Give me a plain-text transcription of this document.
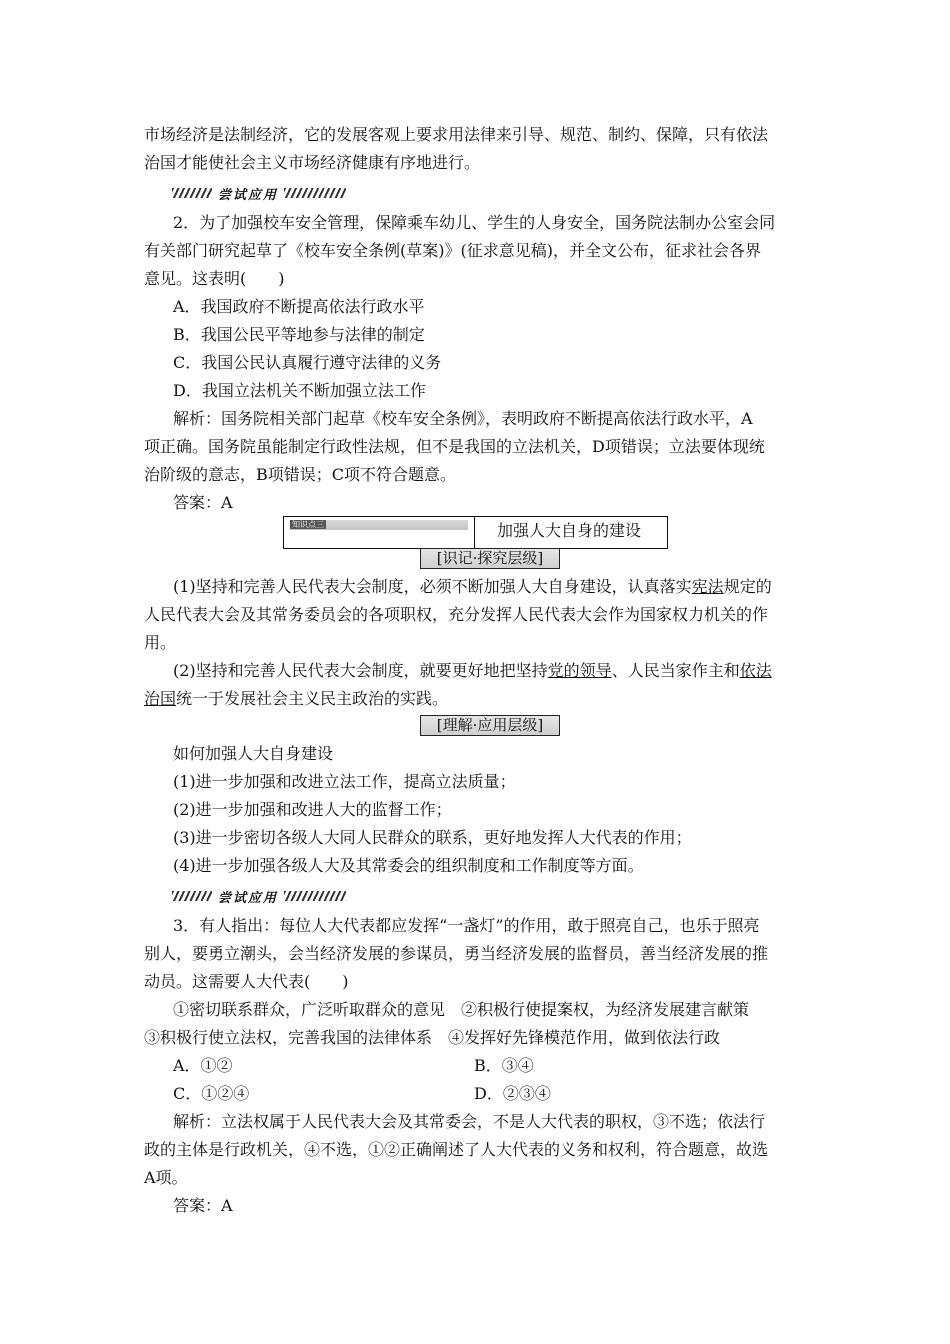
市场经济是法制经济，它的发展客观上要求用法律来引导、规范、制约、保障，只有依法
治国才能使社会主义市场经济健康有序地进行。
尝试应用
2．为了加强校车安全管理，保障乘车幼儿、学生的人身安全，国务院法制办公室会同
有关部门研究起草了《校车安全条例(草案)》(征求意见稿)，并全文公布，征求社会各界
意见。这表明(　　)
A．我国政府不断提高依法行政水平
B．我国公民平等地参与法律的制定
C．我国公民认真履行遵守法律的义务
D．我国立法机关不断加强立法工作
解析：国务院相关部门起草《校车安全条例》，表明政府不断提高依法行政水平，A
项正确。国务院虽能制定行政性法规，但不是我国的立法机关，D项错误；立法要体现统
治阶级的意志，B项错误；C项不符合题意。
答案：A
知识点三	加强人大自身的建设
[识记·探究层级]
(1)坚持和完善人民代表大会制度，必须不断加强人大自身建设，认真落实宪法规定的
人民代表大会及其常务委员会的各项职权，充分发挥人民代表大会作为国家权力机关的作
用。
(2)坚持和完善人民代表大会制度，就要更好地把坚持党的领导、人民当家作主和依法
治国统一于发展社会主义民主政治的实践。
[理解·应用层级]
如何加强人大自身建设
(1)进一步加强和改进立法工作，提高立法质量；
(2)进一步加强和改进人大的监督工作；
(3)进一步密切各级人大同人民群众的联系，更好地发挥人大代表的作用；
(4)进一步加强各级人大及其常委会的组织制度和工作制度等方面。
尝试应用
3．有人指出：每位人大代表都应发挥“一盏灯”的作用，敢于照亮自己，也乐于照亮
别人，要勇立潮头，会当经济发展的参谋员，勇当经济发展的监督员，善当经济发展的推
动员。这需要人大代表(　　)
①密切联系群众，广泛听取群众的意见　②积极行使提案权，为经济发展建言献策
③积极行使立法权，完善我国的法律体系　④发挥好先锋模范作用，做到依法行政
A．①②	B．③④
C．①②④	D．②③④
解析：立法权属于人民代表大会及其常委会，不是人大代表的职权，③不选；依法行
政的主体是行政机关，④不选，①②正确阐述了人大代表的义务和权利，符合题意，故选
A项。
答案：A
